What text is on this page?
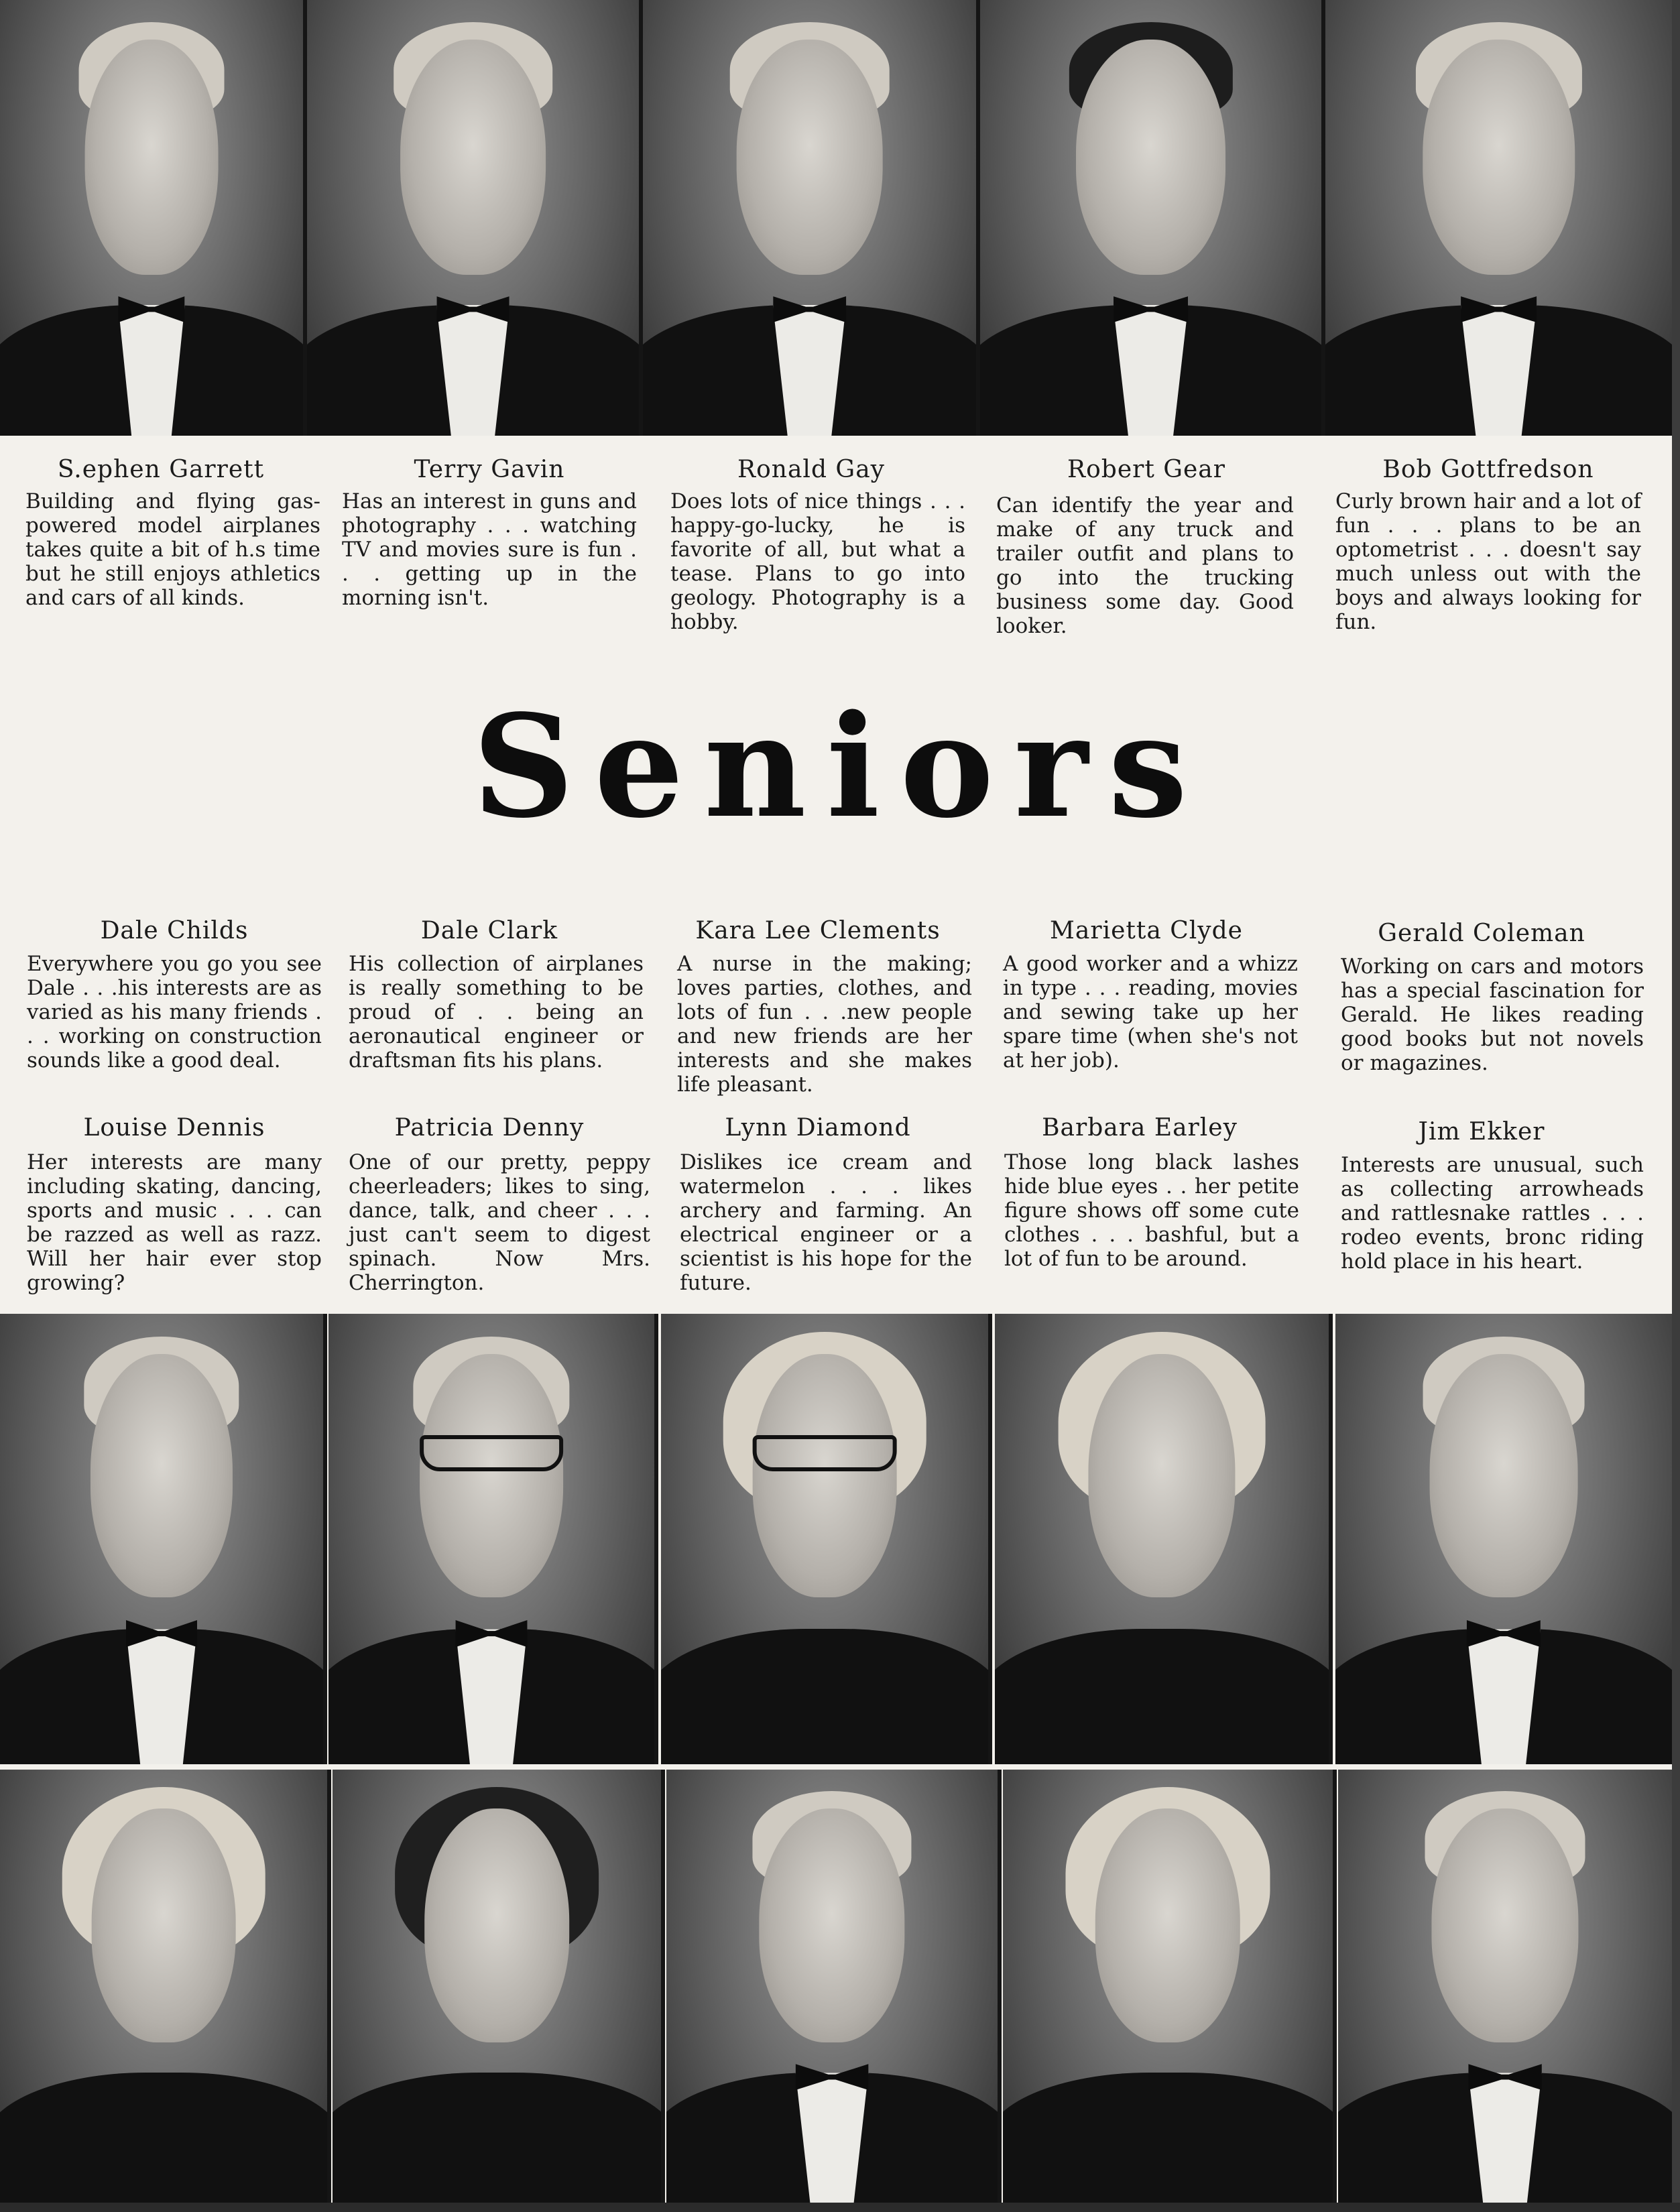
S.ephen Garrett
Building and flying gas-powered model airplanes takes quite a bit of h.s time but he still enjoys athletics and cars of all kinds.
Terry Gavin
Has an interest in guns and photography . . . watching TV and movies sure is fun . . . getting up in the morning isn't.
Ronald Gay
Does lots of nice things . . . happy-go-lucky, he is favorite of all, but what a tease. Plans to go into geology. Photography is a hobby.
Robert Gear
Can identify the year and make of any truck and trailer outfit and plans to go into the trucking business some day. Good looker.
Bob Gottfredson
Curly brown hair and a lot of fun . . . plans to be an optometrist . . . doesn't say much unless out with the boys and always looking for fun.
Seniors
Dale Childs
Everywhere you go you see Dale . . .his interests are as varied as his many friends . . . working on construction sounds like a good deal.
Dale Clark
His collection of airplanes is really something to be proud of . . being an aeronautical engineer or draftsman fits his plans.
Kara Lee Clements
A nurse in the making; loves parties, clothes, and lots of fun . . .new people and new friends are her interests and she makes life pleasant.
Marietta Clyde
A good worker and a whizz in type . . . reading, movies and sewing take up her spare time (when she's not at her job).
Gerald Coleman
Working on cars and motors has a special fascination for Gerald. He likes reading good books but not novels or magazines.
Louise Dennis
Her interests are many including skating, dancing, sports and music . . . can be razzed as well as razz. Will her hair ever stop growing?
Patricia Denny
One of our pretty, peppy cheerleaders; likes to sing, dance, talk, and cheer . . . just can't seem to digest spinach. Now Mrs. Cherrington.
Lynn Diamond
Dislikes ice cream and watermelon . . . likes archery and farming. An electrical engineer or a scientist is his hope for the future.
Barbara Earley
Those long black lashes hide blue eyes . . her petite figure shows off some cute clothes . . . bashful, but a lot of fun to be around.
Jim Ekker
Interests are unusual, such as collecting arrowheads and rattlesnake rattles . . . rodeo events, bronc riding hold place in his heart.
